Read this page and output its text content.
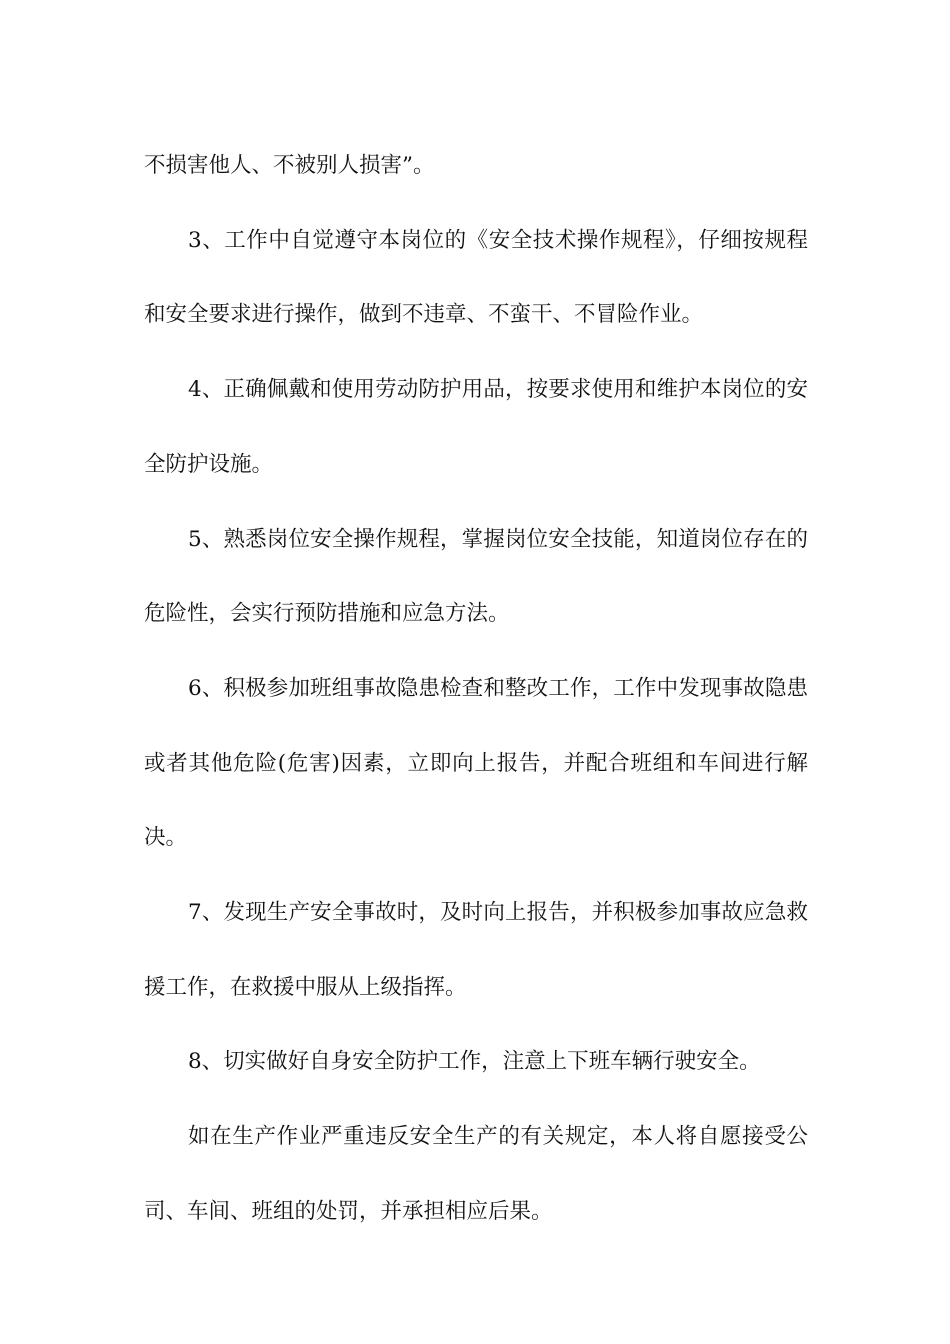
不损害他人、不被别人损害”。

3、工作中自觉遵守本岗位的《安全技术操作规程》，仔细按规程和安全要求进行操作，做到不违章、不蛮干、不冒险作业。

4、正确佩戴和使用劳动防护用品，按要求使用和维护本岗位的安全防护设施。

5、熟悉岗位安全操作规程，掌握岗位安全技能，知道岗位存在的危险性，会实行预防措施和应急方法。

6、积极参加班组事故隐患检查和整改工作，工作中发现事故隐患或者其他危险(危害)因素，立即向上报告，并配合班组和车间进行解决。

7、发现生产安全事故时，及时向上报告，并积极参加事故应急救援工作，在救援中服从上级指挥。

8、切实做好自身安全防护工作，注意上下班车辆行驶安全。

如在生产作业严重违反安全生产的有关规定，本人将自愿接受公司、车间、班组的处罚，并承担相应后果。
